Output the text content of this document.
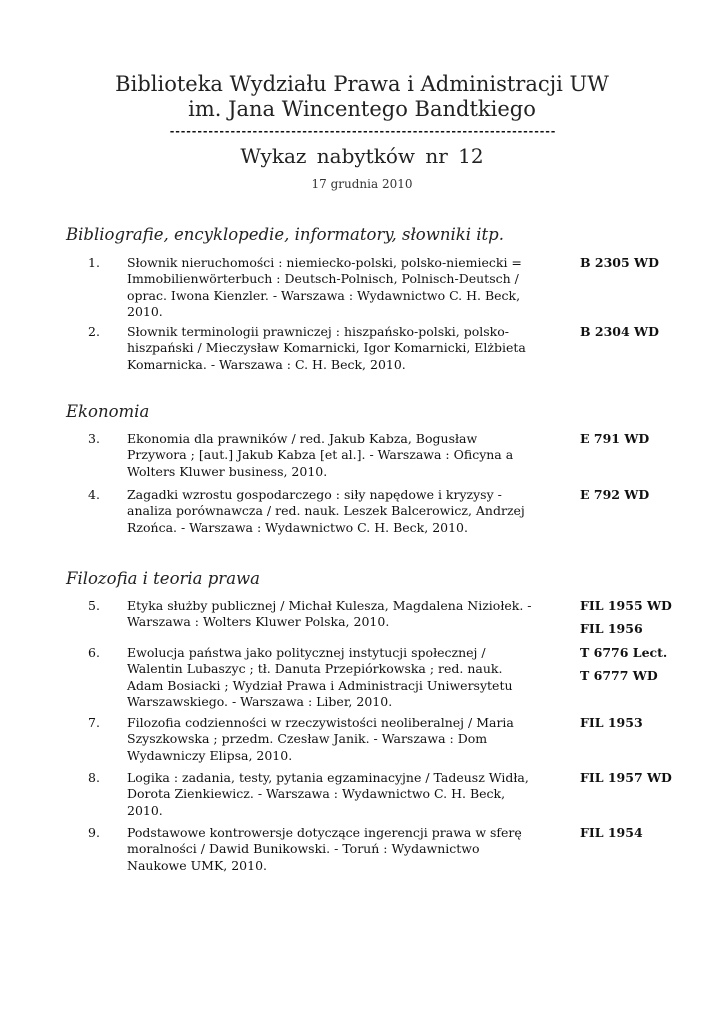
Biblioteka Wydziału Prawa i Administracji UW
im. Jana Wincentego Bandtkiego
----------------------------------------------------------------------
Wykaz nabytków nr 12
17 grudnia 2010
Bibliografie, encyklopedie, informatory, słowniki itp.
1.	Słownik nieruchomości : niemiecko-polski, polsko-niemiecki =
Immobilienwörterbuch : Deutsch-Polnisch, Polnisch-Deutsch /
oprac. Iwona Kienzler. - Warszawa : Wydawnictwo C. H. Beck,
2010.
B 2305 WD
2.	Słownik terminologii prawniczej : hiszpańsko-polski, polsko-
hiszpański / Mieczysław Komarnicki, Igor Komarnicki, Elżbieta
Komarnicka. - Warszawa : C. H. Beck, 2010.
B 2304 WD
Ekonomia
3.	Ekonomia dla prawników / red. Jakub Kabza, Bogusław
Przywora ; [aut.] Jakub Kabza [et al.]. - Warszawa : Oficyna a
Wolters Kluwer business, 2010.
E 791 WD
4.	Zagadki wzrostu gospodarczego : siły napędowe i kryzysy -
analiza porównawcza / red. nauk. Leszek Balcerowicz, Andrzej
Rzońca. - Warszawa : Wydawnictwo C. H. Beck, 2010.
E 792 WD
Filozofia i teoria prawa
5.	Etyka służby publicznej / Michał Kulesza, Magdalena Niziołek. -
Warszawa : Wolters Kluwer Polska, 2010.
FIL 1955 WD
FIL 1956
6.	Ewolucja państwa jako politycznej instytucji społecznej /
Walentin Lubaszyc ; tł. Danuta Przepiórkowska ; red. nauk.
Adam Bosiacki ; Wydział Prawa i Administracji Uniwersytetu
Warszawskiego. - Warszawa : Liber, 2010.
T 6776 Lect.
T 6777 WD
7.	Filozofia codzienności w rzeczywistości neoliberalnej / Maria
Szyszkowska ; przedm. Czesław Janik. - Warszawa : Dom
Wydawniczy Elipsa, 2010.
FIL 1953
8.	Logika : zadania, testy, pytania egzaminacyjne / Tadeusz Widła,
Dorota Zienkiewicz. - Warszawa : Wydawnictwo C. H. Beck,
2010.
FIL 1957 WD
9.	Podstawowe kontrowersje dotyczące ingerencji prawa w sferę
moralności / Dawid Bunikowski. - Toruń : Wydawnictwo
Naukowe UMK, 2010.
FIL 1954
